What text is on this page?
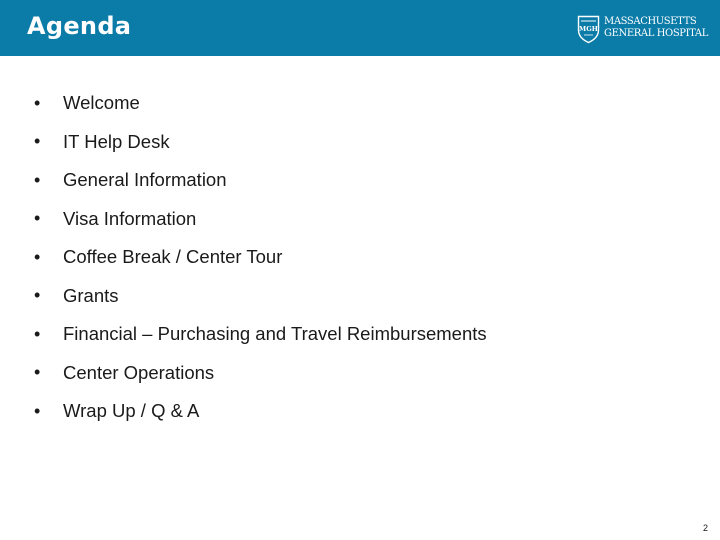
Agenda	MGH
MASSACHUSETTS
GENERAL HOSPITAL
•	Welcome
•	IT Help Desk
•	General Information
•	Visa Information
•	Coffee Break / Center Tour
•	Grants
•	Financial – Purchasing and Travel Reimbursements
•	Center Operations
•	Wrap Up / Q & A
2
